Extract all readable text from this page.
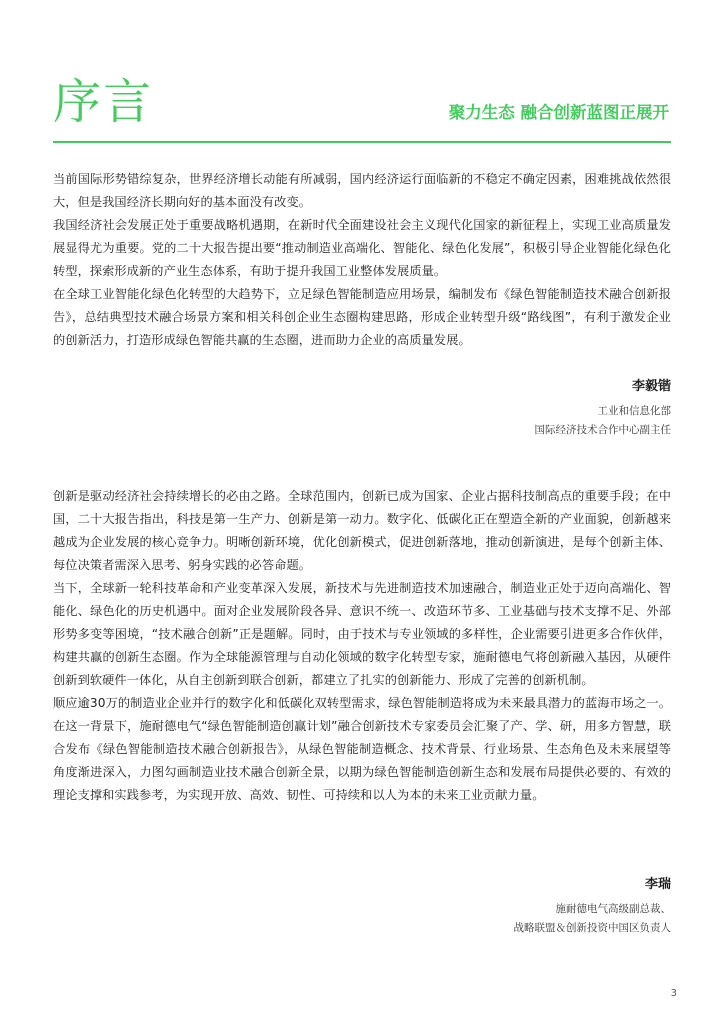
序言	聚力生态 融合创新蓝图正展开

当前国际形势错综复杂，世界经济增长动能有所减弱，国内经济运行面临新的不稳定不确定因素，困难挑战依然很大，但是我国经济长期向好的基本面没有改变。

我国经济社会发展正处于重要战略机遇期，在新时代全面建设社会主义现代化国家的新征程上，实现工业高质量发展显得尤为重要。党的二十大报告提出要“推动制造业高端化、智能化、绿色化发展”，积极引导企业智能化绿色化转型，探索形成新的产业生态体系，有助于提升我国工业整体发展质量。

在全球工业智能化绿色化转型的大趋势下，立足绿色智能制造应用场景，编制发布《绿色智能制造技术融合创新报告》，总结典型技术融合场景方案和相关科创企业生态圈构建思路，形成企业转型升级“路线图”，有利于激发企业的创新活力，打造形成绿色智能共赢的生态圈，进而助力企业的高质量发展。

李毅锴

工业和信息化部

国际经济技术合作中心副主任

创新是驱动经济社会持续增长的必由之路。全球范围内，创新已成为国家、企业占据科技制高点的重要手段；在中国，二十大报告指出，科技是第一生产力、创新是第一动力。数字化、低碳化正在塑造全新的产业面貌，创新越来越成为企业发展的核心竞争力。明晰创新环境，优化创新模式，促进创新落地，推动创新演进，是每个创新主体、每位决策者需深入思考、躬身实践的必答命题。

当下，全球新一轮科技革命和产业变革深入发展，新技术与先进制造技术加速融合，制造业正处于迈向高端化、智能化、绿色化的历史机遇中。面对企业发展阶段各异、意识不统一、改造环节多、工业基础与技术支撑不足、外部形势多变等困境，“技术融合创新”正是题解。同时，由于技术与专业领域的多样性，企业需要引进更多合作伙伴，构建共赢的创新生态圈。作为全球能源管理与自动化领域的数字化转型专家，施耐德电气将创新融入基因，从硬件创新到软硬件一体化，从自主创新到联合创新，都建立了扎实的创新能力、形成了完善的创新机制。

顺应逾30万的制造业企业并行的数字化和低碳化双转型需求，绿色智能制造将成为未来最具潜力的蓝海市场之一。在这一背景下，施耐德电气“绿色智能制造创赢计划”融合创新技术专家委员会汇聚了产、学、研，用多方智慧，联合发布《绿色智能制造技术融合创新报告》，从绿色智能制造概念、技术背景、行业场景、生态角色及未来展望等角度渐进深入，力图勾画制造业技术融合创新全景，以期为绿色智能制造创新生态和发展布局提供必要的、有效的理论支撑和实践参考，为实现开放、高效、韧性、可持续和以人为本的未来工业贡献力量。

李瑞

施耐德电气高级副总裁、

战略联盟＆创新投资中国区负责人

3
